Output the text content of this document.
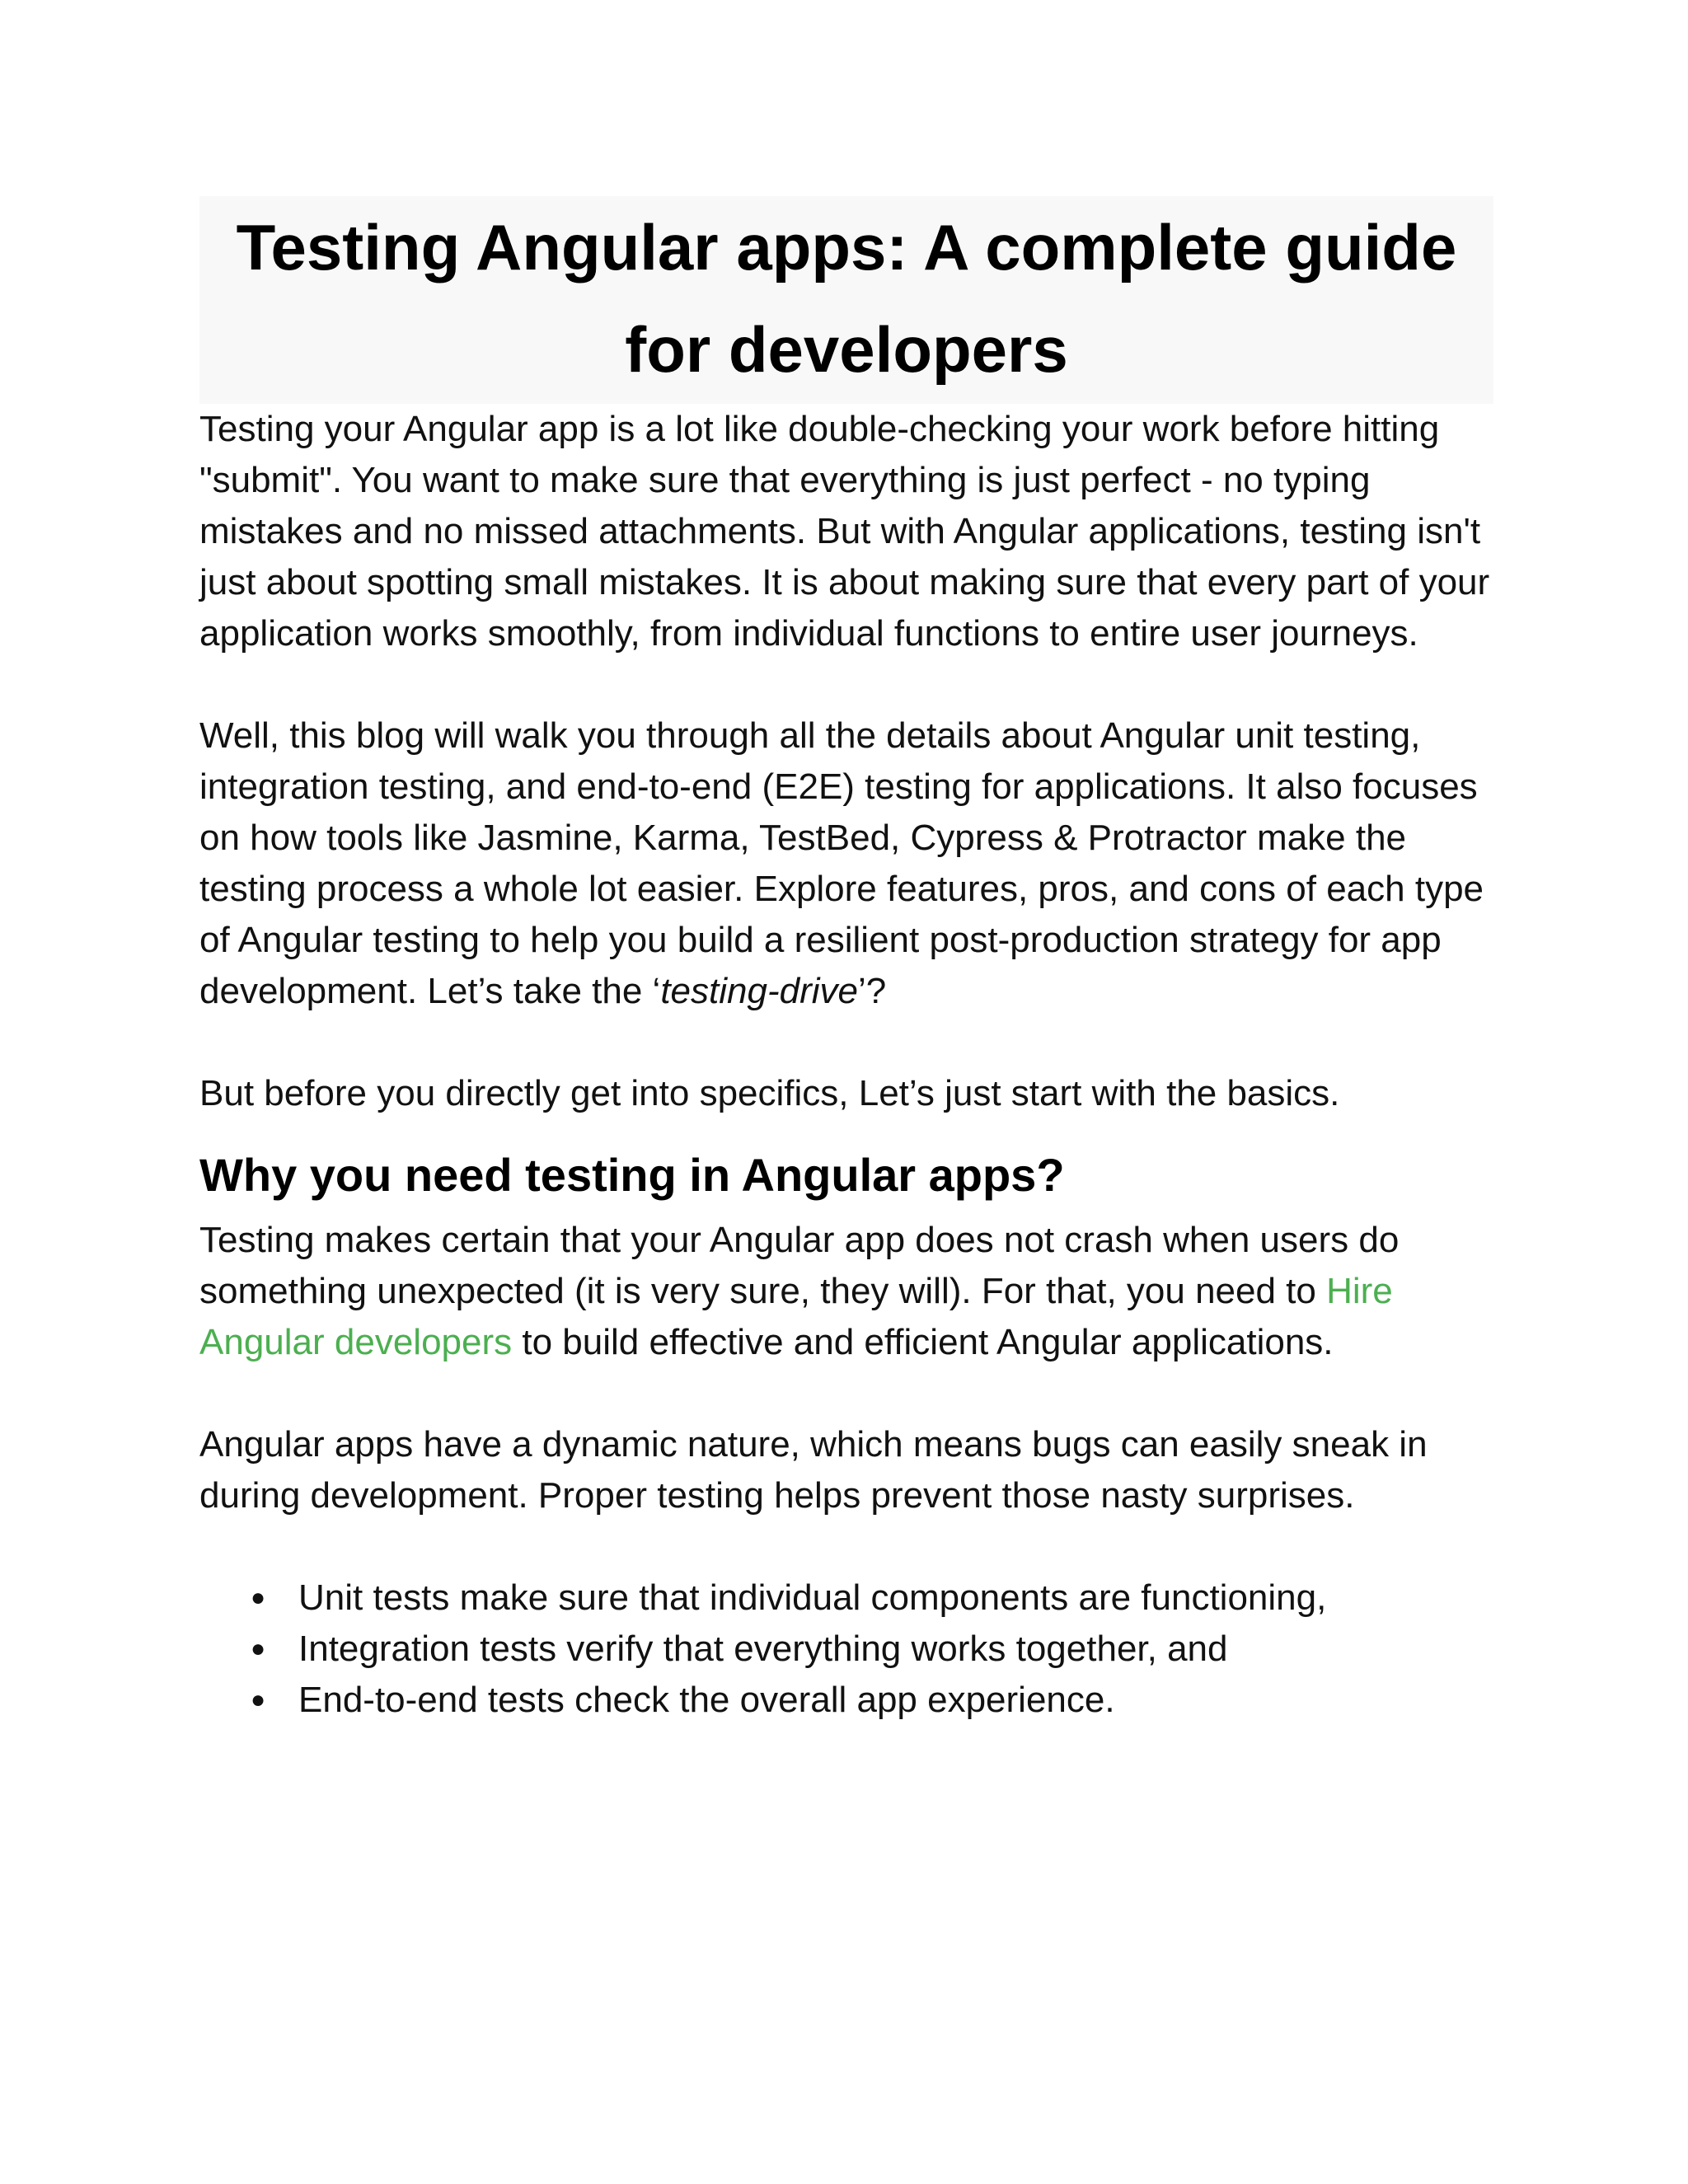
Testing Angular apps: A complete guide for developers

Testing your Angular app is a lot like double-checking your work before hitting "submit". You want to make sure that everything is just perfect - no typing mistakes and no missed attachments. But with Angular applications, testing isn't just about spotting small mistakes. It is about making sure that every part of your application works smoothly, from individual functions to entire user journeys.

Well, this blog will walk you through all the details about Angular unit testing, integration testing, and end-to-end (E2E) testing for applications. It also focuses on how tools like Jasmine, Karma, TestBed, Cypress & Protractor make the testing process a whole lot easier. Explore features, pros, and cons of each type of Angular testing to help you build a resilient post-production strategy for app development. Let’s take the ‘testing-drive’?

But before you directly get into specifics, Let’s just start with the basics.

Why you need testing in Angular apps?

Testing makes certain that your Angular app does not crash when users do something unexpected (it is very sure, they will). For that, you need to Hire Angular developers to build effective and efficient Angular applications.

Angular apps have a dynamic nature, which means bugs can easily sneak in during development. Proper testing helps prevent those nasty surprises.

● Unit tests make sure that individual components are functioning,
● Integration tests verify that everything works together, and
● End-to-end tests check the overall app experience.
